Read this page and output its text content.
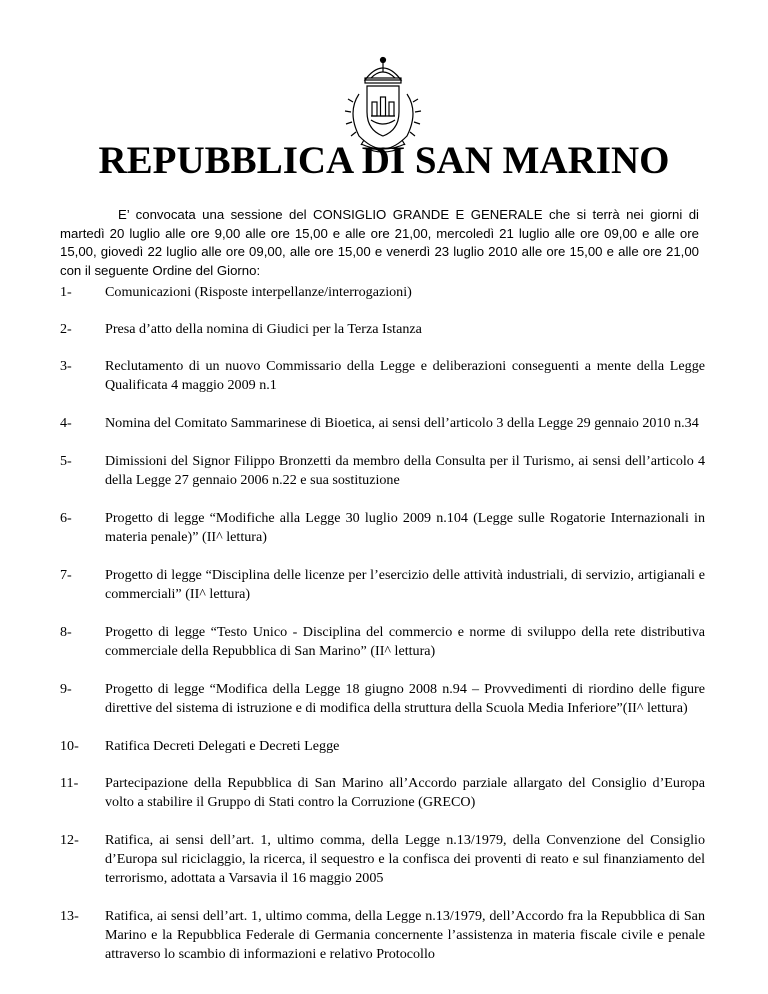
REPUBBLICA DI SAN MARINO

E’ convocata una sessione del CONSIGLIO GRANDE E GENERALE che si terrà nei giorni di martedì 20 luglio alle ore 9,00 alle ore 15,00 e alle ore 21,00, mercoledì 21 luglio alle ore 09,00 e alle ore 15,00, giovedì 22 luglio alle ore 09,00, alle ore 15,00 e venerdì 23 luglio 2010 alle ore 15,00 e alle ore 21,00 con il seguente Ordine del Giorno:

1-	Comunicazioni (Risposte interpellanze/interrogazioni)
2-	Presa d’atto della nomina di Giudici per la Terza Istanza
3-	Reclutamento di un nuovo Commissario della Legge e deliberazioni conseguenti a mente della Legge Qualificata 4 maggio 2009 n.1
4-	Nomina del Comitato Sammarinese di Bioetica, ai sensi dell’articolo 3 della Legge 29 gennaio 2010 n.34
5-	Dimissioni del Signor Filippo Bronzetti da membro della Consulta per il Turismo, ai sensi dell’articolo 4 della Legge 27 gennaio 2006 n.22 e sua sostituzione
6-	Progetto di legge “Modifiche alla Legge 30 luglio 2009 n.104 (Legge sulle Rogatorie Internazionali in materia penale)” (II^ lettura)
7-	Progetto di legge “Disciplina delle licenze per l’esercizio delle attività industriali, di servizio, artigianali e commerciali” (II^ lettura)
8-	Progetto di legge “Testo Unico - Disciplina del commercio e norme di sviluppo della rete distributiva commerciale della Repubblica di San Marino” (II^ lettura)
9-	Progetto di legge “Modifica della Legge 18 giugno 2008 n.94 – Provvedimenti di riordino delle figure direttive del sistema di istruzione e di modifica della struttura della Scuola Media Inferiore”(II^ lettura)
10-	Ratifica Decreti Delegati e Decreti Legge
11-	Partecipazione della Repubblica di San Marino all’Accordo parziale allargato del Consiglio d’Europa volto a stabilire il Gruppo di Stati contro la Corruzione (GRECO)
12-	Ratifica, ai sensi dell’art. 1, ultimo comma, della Legge n.13/1979, della Convenzione del Consiglio d’Europa sul riciclaggio, la ricerca, il sequestro e la confisca dei proventi di reato e sul finanziamento del terrorismo, adottata a Varsavia il 16 maggio 2005
13-	Ratifica, ai sensi dell’art. 1, ultimo comma, della Legge n.13/1979, dell’Accordo fra la Repubblica di San Marino e la Repubblica Federale di Germania concernente l’assistenza in materia fiscale civile e penale attraverso lo scambio di informazioni e relativo Protocollo
